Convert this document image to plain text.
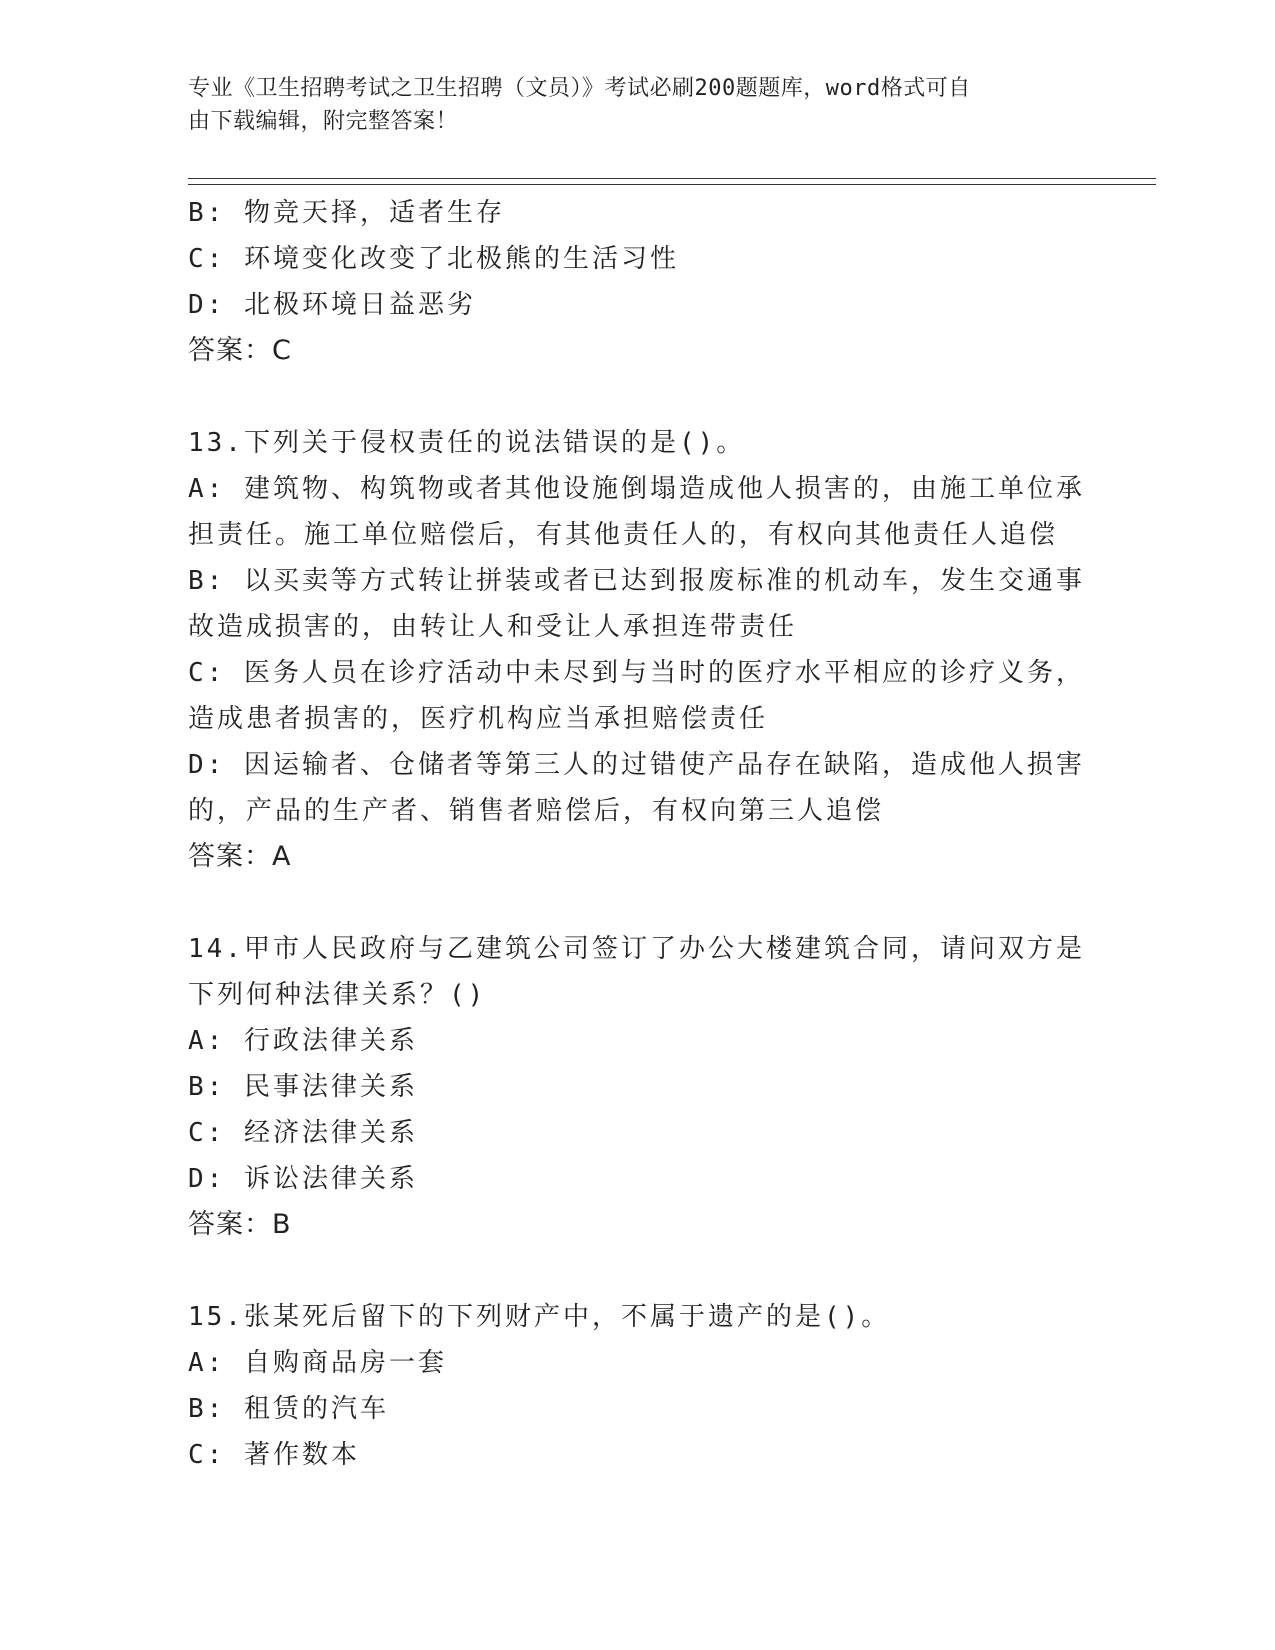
专业《卫生招聘考试之卫生招聘（文员）》考试必刷200题题库，word格式可自
由下载编辑，附完整答案！
B: 物竞天择，适者生存
C: 环境变化改变了北极熊的生活习性
D: 北极环境日益恶劣
答案：C
13.下列关于侵权责任的说法错误的是()。
A: 建筑物、构筑物或者其他设施倒塌造成他人损害的，由施工单位承
担责任。施工单位赔偿后，有其他责任人的，有权向其他责任人追偿
B: 以买卖等方式转让拼装或者已达到报废标准的机动车，发生交通事
故造成损害的，由转让人和受让人承担连带责任
C: 医务人员在诊疗活动中未尽到与当时的医疗水平相应的诊疗义务，
造成患者损害的，医疗机构应当承担赔偿责任
D: 因运输者、仓储者等第三人的过错使产品存在缺陷，造成他人损害
的，产品的生产者、销售者赔偿后，有权向第三人追偿
答案：A
14.甲市人民政府与乙建筑公司签订了办公大楼建筑合同，请问双方是
下列何种法律关系？()
A: 行政法律关系
B: 民事法律关系
C: 经济法律关系
D: 诉讼法律关系
答案：B
15.张某死后留下的下列财产中，不属于遗产的是()。
A: 自购商品房一套
B: 租赁的汽车
C: 著作数本
